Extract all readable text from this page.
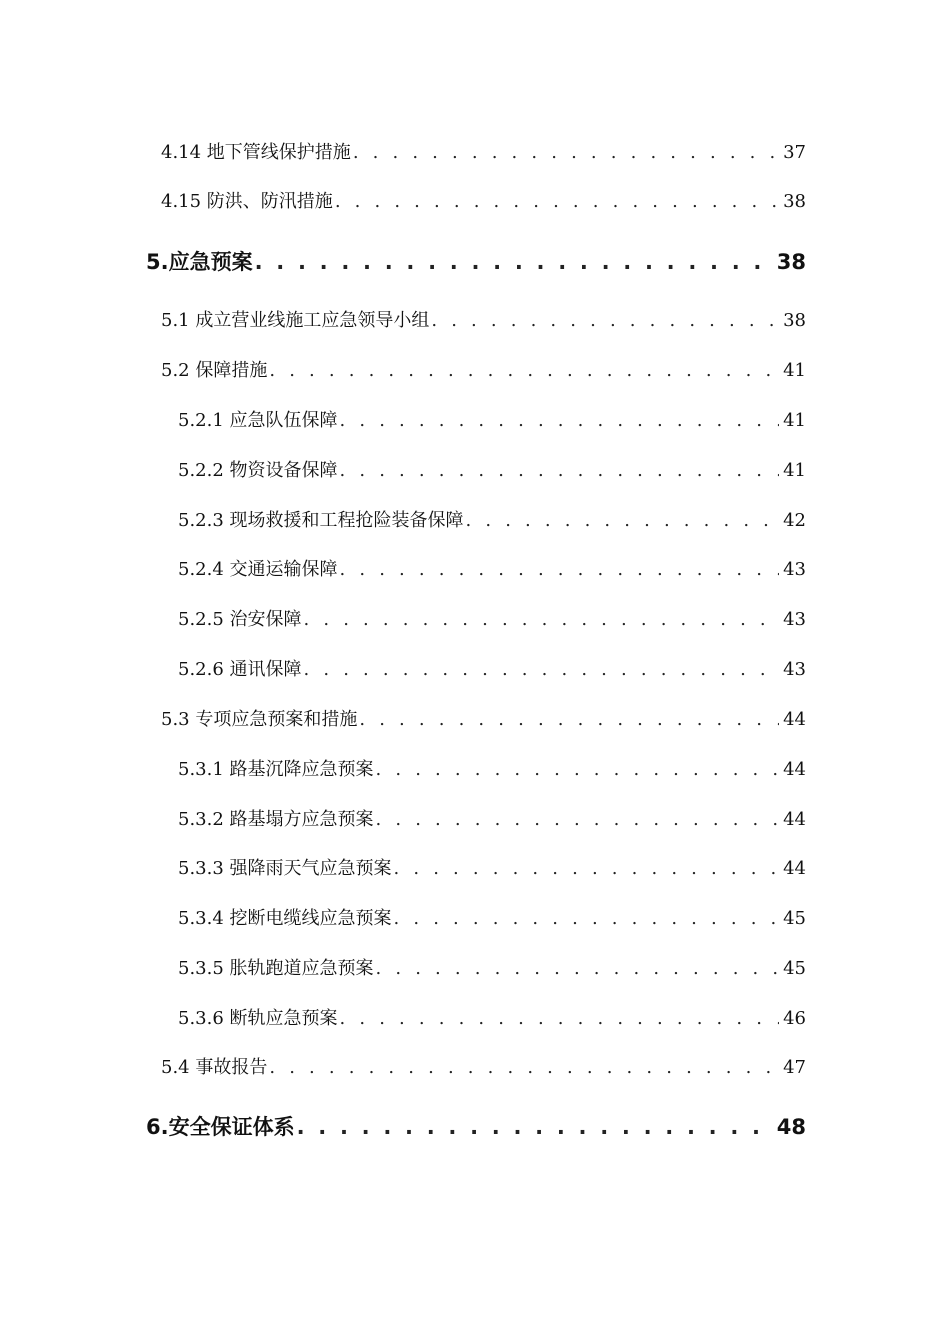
4.14 地下管线保护措施 . . .	37
4.15 防洪、防汛措施 . . .	38
5.应急预案 . . .	38
5.1 成立营业线施工应急领导小组 . . .	38
5.2 保障措施 . . .	41
5.2.1 应急队伍保障 . . .	41
5.2.2 物资设备保障 . . .	41
5.2.3 现场救援和工程抢险装备保障 . . .	42
5.2.4 交通运输保障 . . .	43
5.2.5 治安保障 . . .	43
5.2.6 通讯保障 . . .	43
5.3 专项应急预案和措施 . . .	44
5.3.1 路基沉降应急预案 . . .	44
5.3.2 路基塌方应急预案 . . .	44
5.3.3 强降雨天气应急预案 . . .	44
5.3.4 挖断电缆线应急预案 . . .	45
5.3.5 胀轨跑道应急预案 . . .	45
5.3.6 断轨应急预案 . . .	46
5.4 事故报告 . . .	47
6.安全保证体系 . . .	48
